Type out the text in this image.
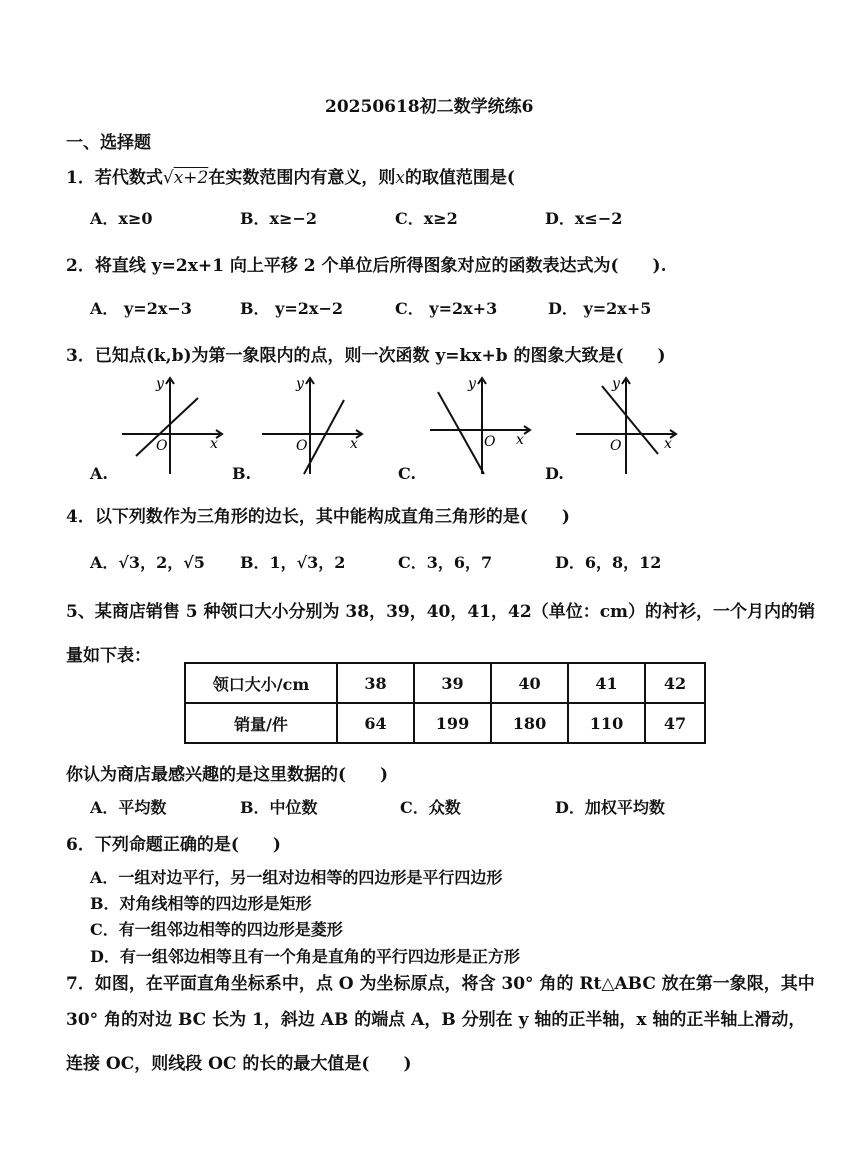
20250618初二数学统练6
一、选择题
1．若代数式√x+2在实数范围内有意义，则x的取值范围是(
A．x≥0	B．x≥−2	C．x≥2	D．x≤−2
2．将直线 y=2x+1 向上平移 2 个单位后所得图象对应的函数表达式为(　　).
A． y=2x−3	B． y=2x−2	C． y=2x+3	D． y=2x+5
3．已知点(k,b)为第一象限内的点，则一次函数 y=kx+b 的图象大致是(　　)
y
O	x
A.
y
O	x
B.
y
O x
C.
y
O	x
D.
4．以下列数作为三角形的边长，其中能构成直角三角形的是(　　)
A．√3，2，√5 B．1，√3，2	C．3，6，7	D．6，8，12
5、某商店销售 5 种领口大小分别为 38，39，40，41，42（单位：cm）的衬衫，一个月内的销
量如下表：
领口大小/cm	38	39	40	41	42
销量/件	64	199	180	110	47
你认为商店最感兴趣的是这里数据的(　　)
A．平均数	B．中位数	C．众数	D．加权平均数
6．下列命题正确的是(　　)
A．一组对边平行，另一组对边相等的四边形是平行四边形
B．对角线相等的四边形是矩形
C．有一组邻边相等的四边形是菱形
D．有一组邻边相等且有一个角是直角的平行四边形是正方形
7．如图，在平面直角坐标系中，点 O 为坐标原点，将含 30° 角的 Rt△ABC 放在第一象限，其中
30° 角的对边 BC 长为 1，斜边 AB 的端点 A，B 分别在 y 轴的正半轴，x 轴的正半轴上滑动，
连接 OC，则线段 OC 的长的最大值是(　　)
